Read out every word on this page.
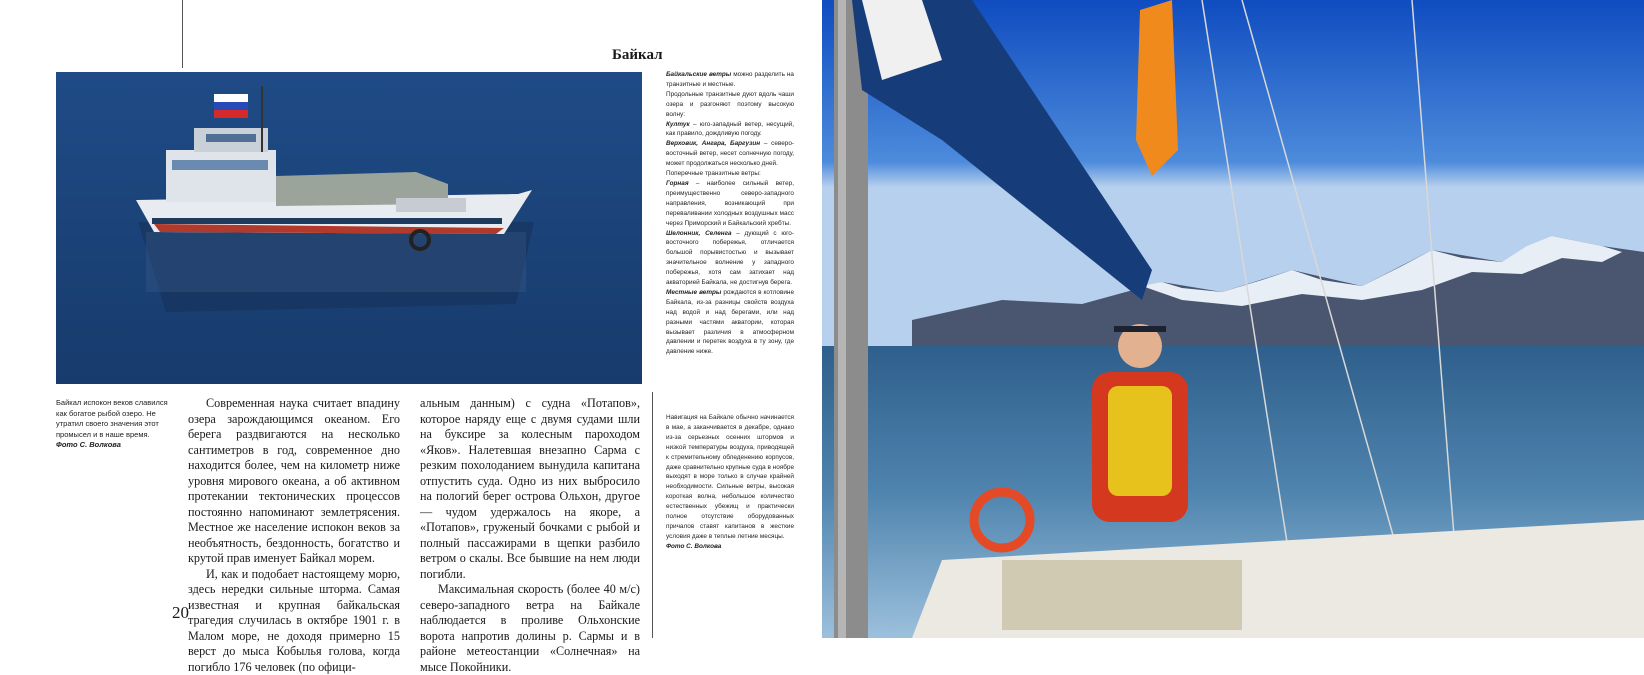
Байкал
Байкал испокон веков славился как богатое рыбой озеро. Не утратил своего значения этот промысел и в наше время.
Фото С. Волкова

Современная наука считает впадину озера зарождающимся океаном. Его берега раздвигаются на несколько сантиметров в год, современное дно находится более, чем на километр ниже уровня мирового океана, а об активном протекании тектонических процессов постоянно напоминают землетрясения. Местное же население испокон веков за необъятность, бездонность, богатство и крутой прав именует Байкал морем.

И, как и подобает настоящему морю, здесь нередки сильные шторма. Самая известная и крупная байкальская трагедия случилась в октябре 1901 г. в Малом море, не доходя примерно 15 верст до мыса Кобылья голова, когда погибло 176 человек (по офици-

альным данным) с судна «Потапов», которое наряду еще с двумя судами шли на буксире за колесным пароходом «Яков». Налетевшая внезапно Сарма с резким похолоданием вынудила капитана отпустить суда. Одно из них выбросило на пологий берег острова Ольхон, другое — чудом удержалось на якоре, а «Потапов», груженый бочками с рыбой и полный пассажирами в щепки разбило ветром о скалы. Все бывшие на нем люди погибли.

Максимальная скорость (более 40 м/с) северо-западного ветра на Байкале наблюдается в проливе Ольхонские ворота напротив долины р. Сармы и в районе метеостанции «Солнечная» на мысе Покойники.

20

Байкальские ветры можно разделить на транзитные и местные.

Продольные транзитные дуют вдоль чаши озера и разгоняют поэтому высокую волну:

Култук – юго-западный ветер, несущий, как правило, дождливую погоду.

Верховик, Ангара, Баргузин – северо-восточный ветер, несет солнечную погоду, может продолжаться несколько дней.

Поперечные транзитные ветры:

Горная – наиболее сильный ветер, преимущественно северо-западного направления, возникающий при переваливании холодных воздушных масс через Приморский и Байкальский хребты.

Шелонник, Селенга – дующий с юго-восточного побережья, отличается большой порывистостью и вызывает значительное волнение у западного побережья, хотя сам затихает над акваторией Байкала, не достигнув берега.

Местные ветры рождаются в котловине Байкала, из-за разницы свойств воздуха над водой и над берегами, или над разными частями акватории, которая вызывает различия в атмосферном давлении и перетек воздуха в ту зону, где давление ниже.

Навигация на Байкале обычно начинается в мае, а заканчивается в декабре, однако из-за серьезных осенних штормов и низкой температуры воздуха, приводящей к стремительному обледенению корпусов, даже сравнительно крупные суда в ноябре выходят в море только в случае крайней необходимости. Сильные ветры, высокая короткая волна, небольшое количество естественных убежищ и практически полное отсутствие оборудованных причалов ставят капитанов в жесткие условия даже в теплые летние месяцы.
Фото С. Волкова
